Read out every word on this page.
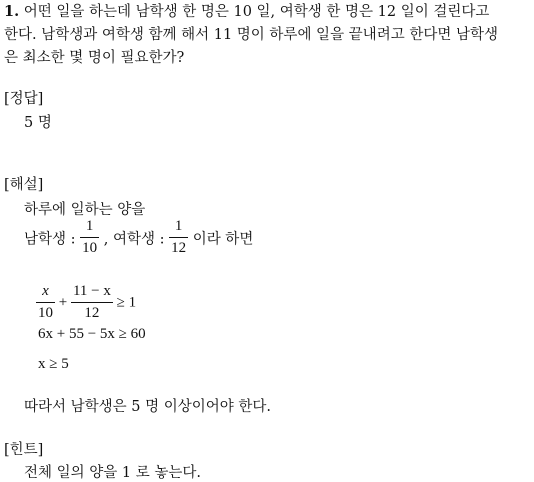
1. 어떤 일을 하는데 남학생 한 명은 10 일, 여학생 한 명은 12 일이 걸린다고
한다. 남학생과 여학생 함께 해서 11 명이 하루에 일을 끝내려고 한다면 남학생
은 최소한 몇 명이 필요한가?
[정답]
5 명
[해설]
하루에 일하는 양을
남학생 : $\frac{1}{10}$ , 여학생 : $\frac{1}{12}$ 이라 하면
$\frac{x}{10} + \frac{11 - x}{12} \ge 1$
6x + 55 − 5x ≥ 60
x ≥ 5
따라서 남학생은 5 명 이상이어야 한다.
[힌트]
전체 일의 양을 1 로 놓는다.
